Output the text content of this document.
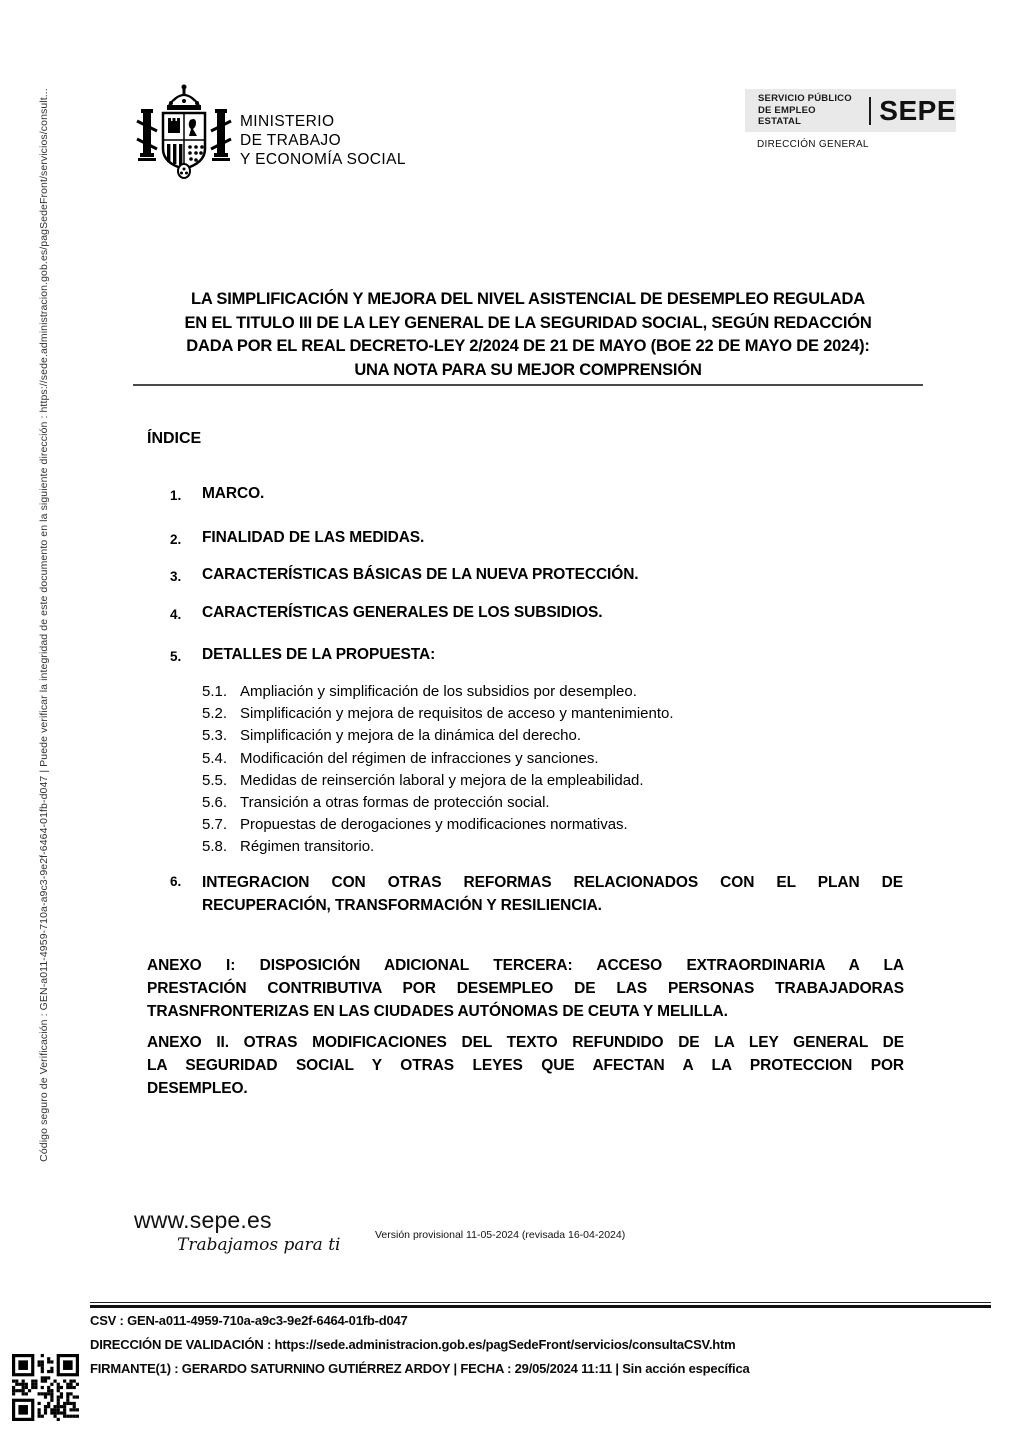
Código seguro de Verificación : GEN-a011-4959-710a-a9c3-9e2f-6464-01fb-d047 | Puede verificar la integridad de este documento en la siguiente dirección : https://sede.administracion.gob.es/pagSedeFront/servicios/consult...	MINISTERIO
DE TRABAJO
Y ECONOMÍA SOCIAL
SERVICIO PÚBLICO
DE EMPLEO ESTATAL	SEPE
DIRECCIÓN GENERAL
LA SIMPLIFICACIÓN Y MEJORA DEL NIVEL ASISTENCIAL DE DESEMPLEO REGULADA
EN EL TITULO III DE LA LEY GENERAL DE LA SEGURIDAD SOCIAL, SEGÚN REDACCIÓN
DADA POR EL REAL DECRETO-LEY 2/2024 DE 21 DE MAYO (BOE 22 DE MAYO DE 2024):
UNA NOTA PARA SU MEJOR COMPRENSIÓN
ÍNDICE
1.	MARCO.
2.	FINALIDAD DE LAS MEDIDAS.
3.	CARACTERÍSTICAS BÁSICAS DE LA NUEVA PROTECCIÓN.
4.	CARACTERÍSTICAS GENERALES DE LOS SUBSIDIOS.
5.	DETALLES DE LA PROPUESTA:
5.1. Ampliación y simplificación de los subsidios por desempleo.
5.2. Simplificación y mejora de requisitos de acceso y mantenimiento.
5.3. Simplificación y mejora de la dinámica del derecho.
5.4. Modificación del régimen de infracciones y sanciones.
5.5. Medidas de reinserción laboral y mejora de la empleabilidad.
5.6. Transición a otras formas de protección social.
5.7. Propuestas de derogaciones y modificaciones normativas.
5.8. Régimen transitorio.
6.	INTEGRACION CON OTRAS REFORMAS RELACIONADOS CON EL PLAN DE
RECUPERACIÓN, TRANSFORMACIÓN Y RESILIENCIA.
ANEXO I: DISPOSICIÓN ADICIONAL TERCERA: ACCESO EXTRAORDINARIA A LA
PRESTACIÓN CONTRIBUTIVA POR DESEMPLEO DE LAS PERSONAS TRABAJADORAS
TRASNFRONTERIZAS EN LAS CIUDADES AUTÓNOMAS DE CEUTA Y MELILLA.
ANEXO II. OTRAS MODIFICACIONES DEL TEXTO REFUNDIDO DE LA LEY GENERAL DE
LA SEGURIDAD SOCIAL Y OTRAS LEYES QUE AFECTAN A LA PROTECCION POR
DESEMPLEO.
www.sepe.es
Trabajamos para ti	Versión provisional 11-05-2024 (revisada 16-04-2024)
CSV : GEN-a011-4959-710a-a9c3-9e2f-6464-01fb-d047
DIRECCIÓN DE VALIDACIÓN : https://sede.administracion.gob.es/pagSedeFront/servicios/consultaCSV.htm
FIRMANTE(1) : GERARDO SATURNINO GUTIÉRREZ ARDOY | FECHA : 29/05/2024 11:11 | Sin acción específica
